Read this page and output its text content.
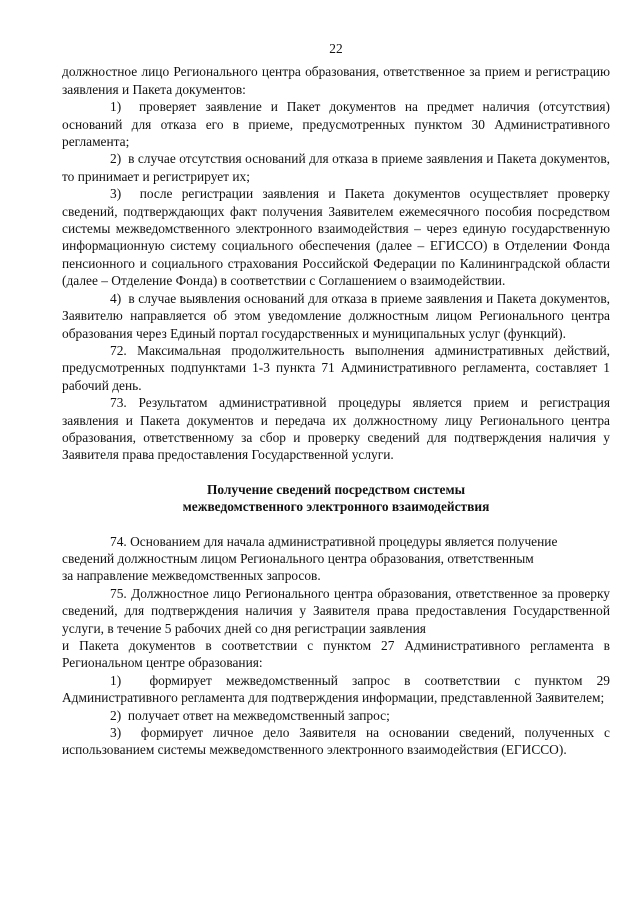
22

должностное лицо Регионального центра образования, ответственное за прием и регистрацию заявления и Пакета документов:

1)  проверяет заявление и Пакет документов на предмет наличия (отсутствия) оснований для отказа его в приеме, предусмотренных пунктом 30 Административного регламента;

2)  в случае отсутствия оснований для отказа в приеме заявления и Пакета документов, то принимает и регистрирует их;

3)  после регистрации заявления и Пакета документов осуществляет проверку сведений, подтверждающих факт получения Заявителем ежемесячного пособия посредством системы межведомственного электронного взаимодействия – через единую государственную информационную систему социального обеспечения (далее – ЕГИССО) в Отделении Фонда пенсионного и социального страхования Российской Федерации по Калининградской области (далее – Отделение Фонда) в соответствии с Соглашением о взаимодействии.

4)  в случае выявления оснований для отказа в приеме заявления и Пакета документов, Заявителю направляется об этом уведомление должностным лицом Регионального центра образования через Единый портал государственных и муниципальных услуг (функций).

72. Максимальная продолжительность выполнения административных действий, предусмотренных подпунктами 1-3 пункта 71 Административного регламента, составляет 1 рабочий день.

73. Результатом административной процедуры является прием и регистрация заявления и Пакета документов и передача их должностному лицу Регионального центра образования, ответственному за сбор и проверку сведений для подтверждения наличия у Заявителя права предоставления Государственной услуги.

Получение сведений посредством системы
межведомственного электронного взаимодействия

74. Основанием для начала административной процедуры является получение сведений должностным лицом Регионального центра образования, ответственным

за направление межведомственных запросов.

75. Должностное лицо Регионального центра образования, ответственное за проверку сведений, для подтверждения наличия у Заявителя права предоставления Государственной услуги, в течение 5 рабочих дней со дня регистрации заявления

и Пакета документов в соответствии с пунктом 27 Административного регламента в Региональном центре образования:

1)  формирует межведомственный запрос в соответствии с пунктом 29 Административного регламента для подтверждения информации, представленной Заявителем;

2)  получает ответ на межведомственный запрос;

3)  формирует личное дело Заявителя на основании сведений, полученных с использованием системы межведомственного электронного взаимодействия (ЕГИССО).
